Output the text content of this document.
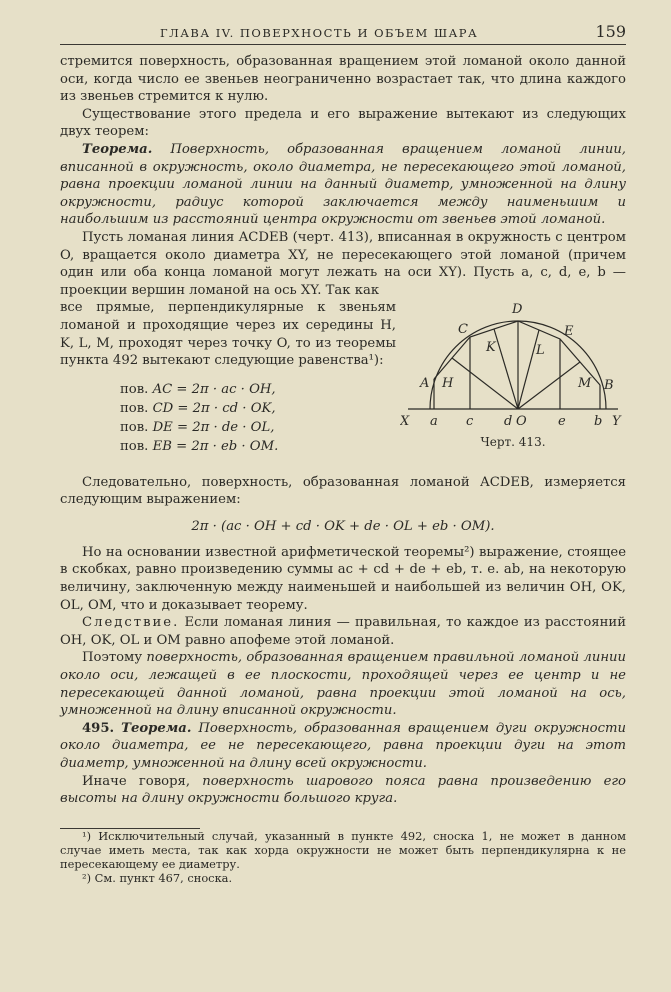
ГЛАВА IV. ПОВЕРХНОСТЬ И ОБЪЕМ ШАРА	159

стремится поверхность, образованная вращением этой ломаной около данной оси, когда число ее звеньев неограниченно возрастает так, что длина каждого из звеньев стремится к нулю.

Существование этого предела и его выражение вытекают из следующих двух теорем:

Теорема. Поверхность, образованная вращением ломаной линии, вписанной в окружность, около диаметра, не пересекающего этой ломаной, равна проекции ломаной линии на данный диаметр, умноженной на длину окружности, радиус которой заключается между наименьшим и наибольшим из расстояний центра окружности от звеньев этой ломаной.

Пусть ломаная линия ACDEB (черт. 413), вписанная в окружность с центром O, вращается около диаметра XY, не пересекающего этой ломаной (причем один или оба конца ломаной могут лежать на оси XY). Пусть a, c, d, e, b — проекции вершин ломаной на ось XY. Так как

D
C	E
K	L
A H	M B
X a c d O e b Y
Черт. 413.

все прямые, перпендикулярные к звеньям ломаной и проходящие через их середины H, K, L, M, проходят через точку O, то из теоремы пункта 492 вытекают следующие равенства¹):

пов. AC = 2π · ac · OH,
пов. CD = 2π · cd · OK,
пов. DE = 2π · de · OL,
пов. EB = 2π · eb · OM.

Следовательно, поверхность, образованная ломаной ACDEB, измеряется следующим выражением:

2π · (ac · OH + cd · OK + de · OL + eb · OM).

Но на основании известной арифметической теоремы²) выражение, стоящее в скобках, равно произведению суммы ac + cd + de + eb, т. е. ab, на некоторую величину, заключенную между наименьшей и наибольшей из величин OH, OK, OL, OM, что и доказывает теорему.

Следствие. Если ломаная линия — правильная, то каждое из расстояний OH, OK, OL и OM равно апофеме этой ломаной.

Поэтому поверхность, образованная вращением правильной ломаной линии около оси, лежащей в ее плоскости, проходящей через ее центр и не пересекающей данной ломаной, равна проекции этой ломаной на ось, умноженной на длину вписанной окружности.

495. Теорема. Поверхность, образованная вращением дуги окружности около диаметра, ее не пересекающего, равна проекции дуги на этот диаметр, умноженной на длину всей окружности.

Иначе говоря, поверхность шарового пояса равна произведению его высоты на длину окружности большого круга.

¹) Исключительный случай, указанный в пункте 492, сноска 1, не может в данном случае иметь места, так как хорда окружности не может быть перпендикулярна к не пересекающему ее диаметру.

²) См. пункт 467, сноска.
